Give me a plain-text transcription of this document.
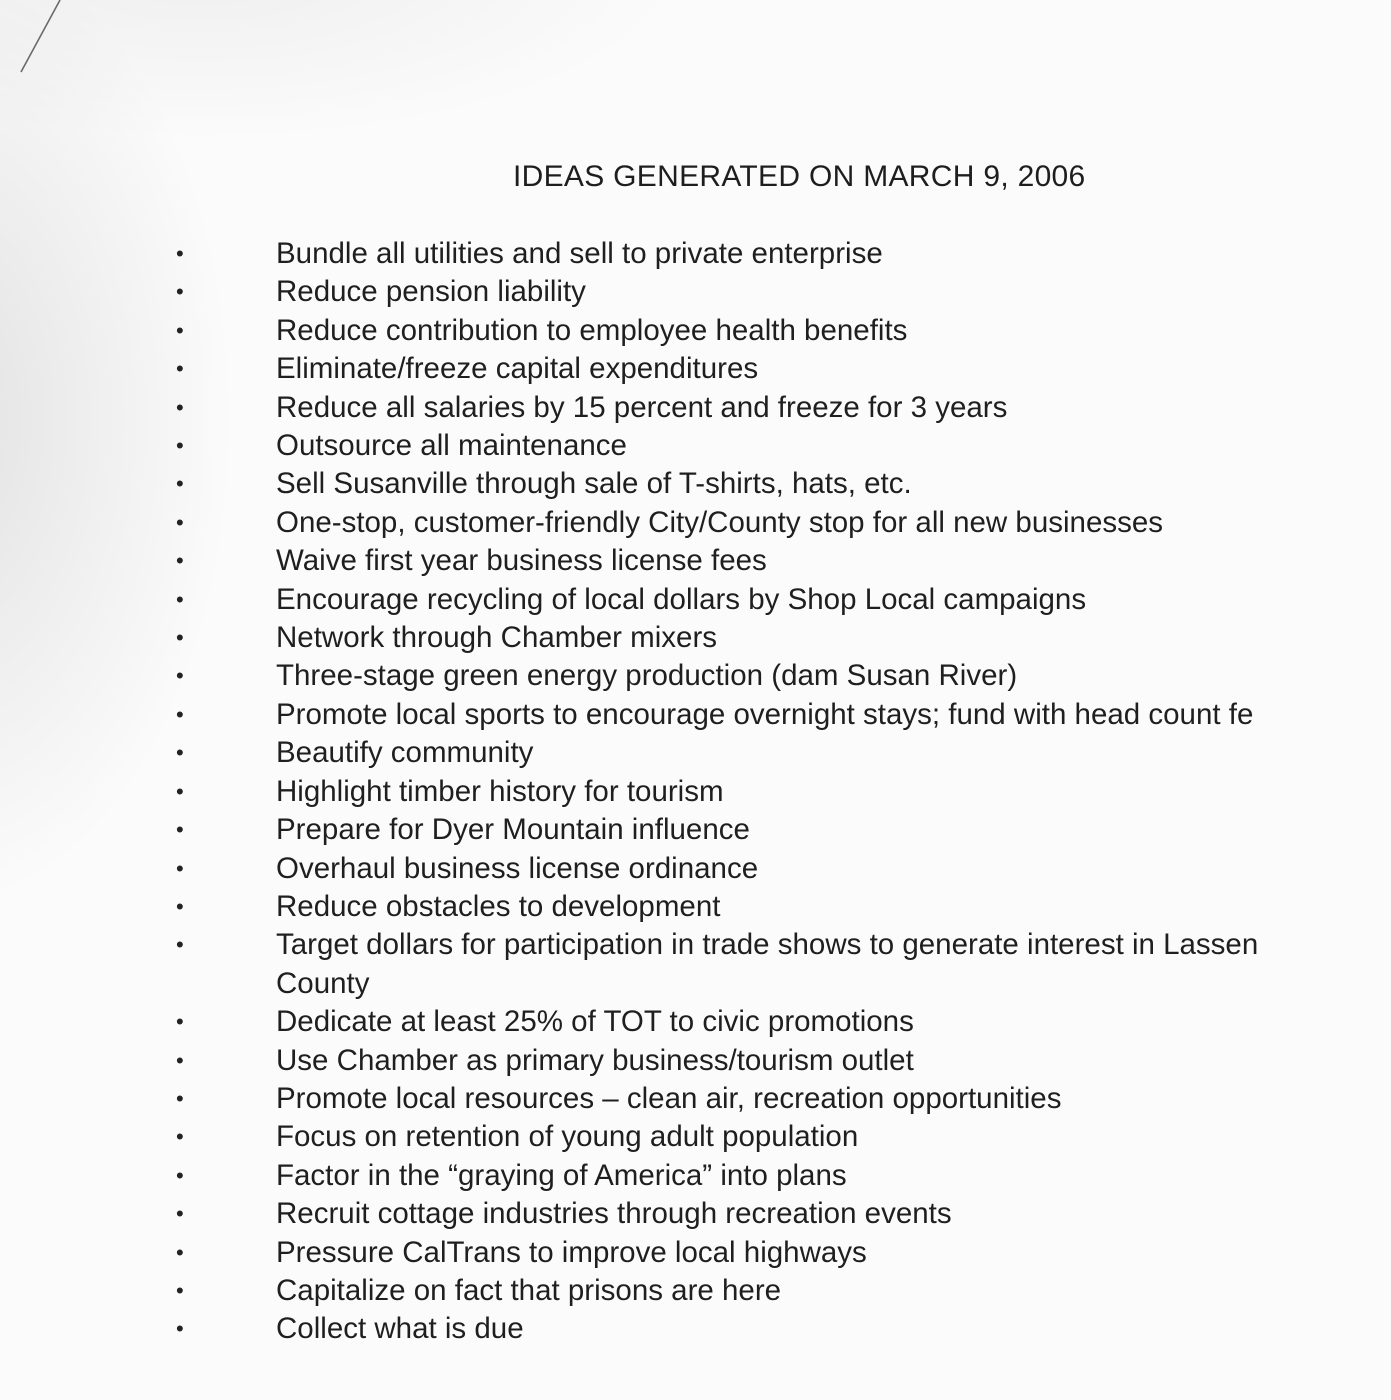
IDEAS GENERATED ON MARCH 9, 2006
•	Bundle all utilities and sell to private enterprise
•	Reduce pension liability
•	Reduce contribution to employee health benefits
•	Eliminate/freeze capital expenditures
•	Reduce all salaries by 15 percent and freeze for 3 years
•	Outsource all maintenance
•	Sell Susanville through sale of T-shirts, hats, etc.
•	One-stop, customer-friendly City/County stop for all new businesses
•	Waive first year business license fees
•	Encourage recycling of local dollars by Shop Local campaigns
•	Network through Chamber mixers
•	Three-stage green energy production (dam Susan River)
•	Promote local sports to encourage overnight stays; fund with head count fe
•	Beautify community
•	Highlight timber history for tourism
•	Prepare for Dyer Mountain influence
•	Overhaul business license ordinance
•	Reduce obstacles to development
•	Target dollars for participation in trade shows to generate interest in Lassen
County
•	Dedicate at least 25% of TOT to civic promotions
•	Use Chamber as primary business/tourism outlet
•	Promote local resources – clean air, recreation opportunities
•	Focus on retention of young adult population
•	Factor in the “graying of America” into plans
•	Recruit cottage industries through recreation events
•	Pressure CalTrans to improve local highways
•	Capitalize on fact that prisons are here
•	Collect what is due
